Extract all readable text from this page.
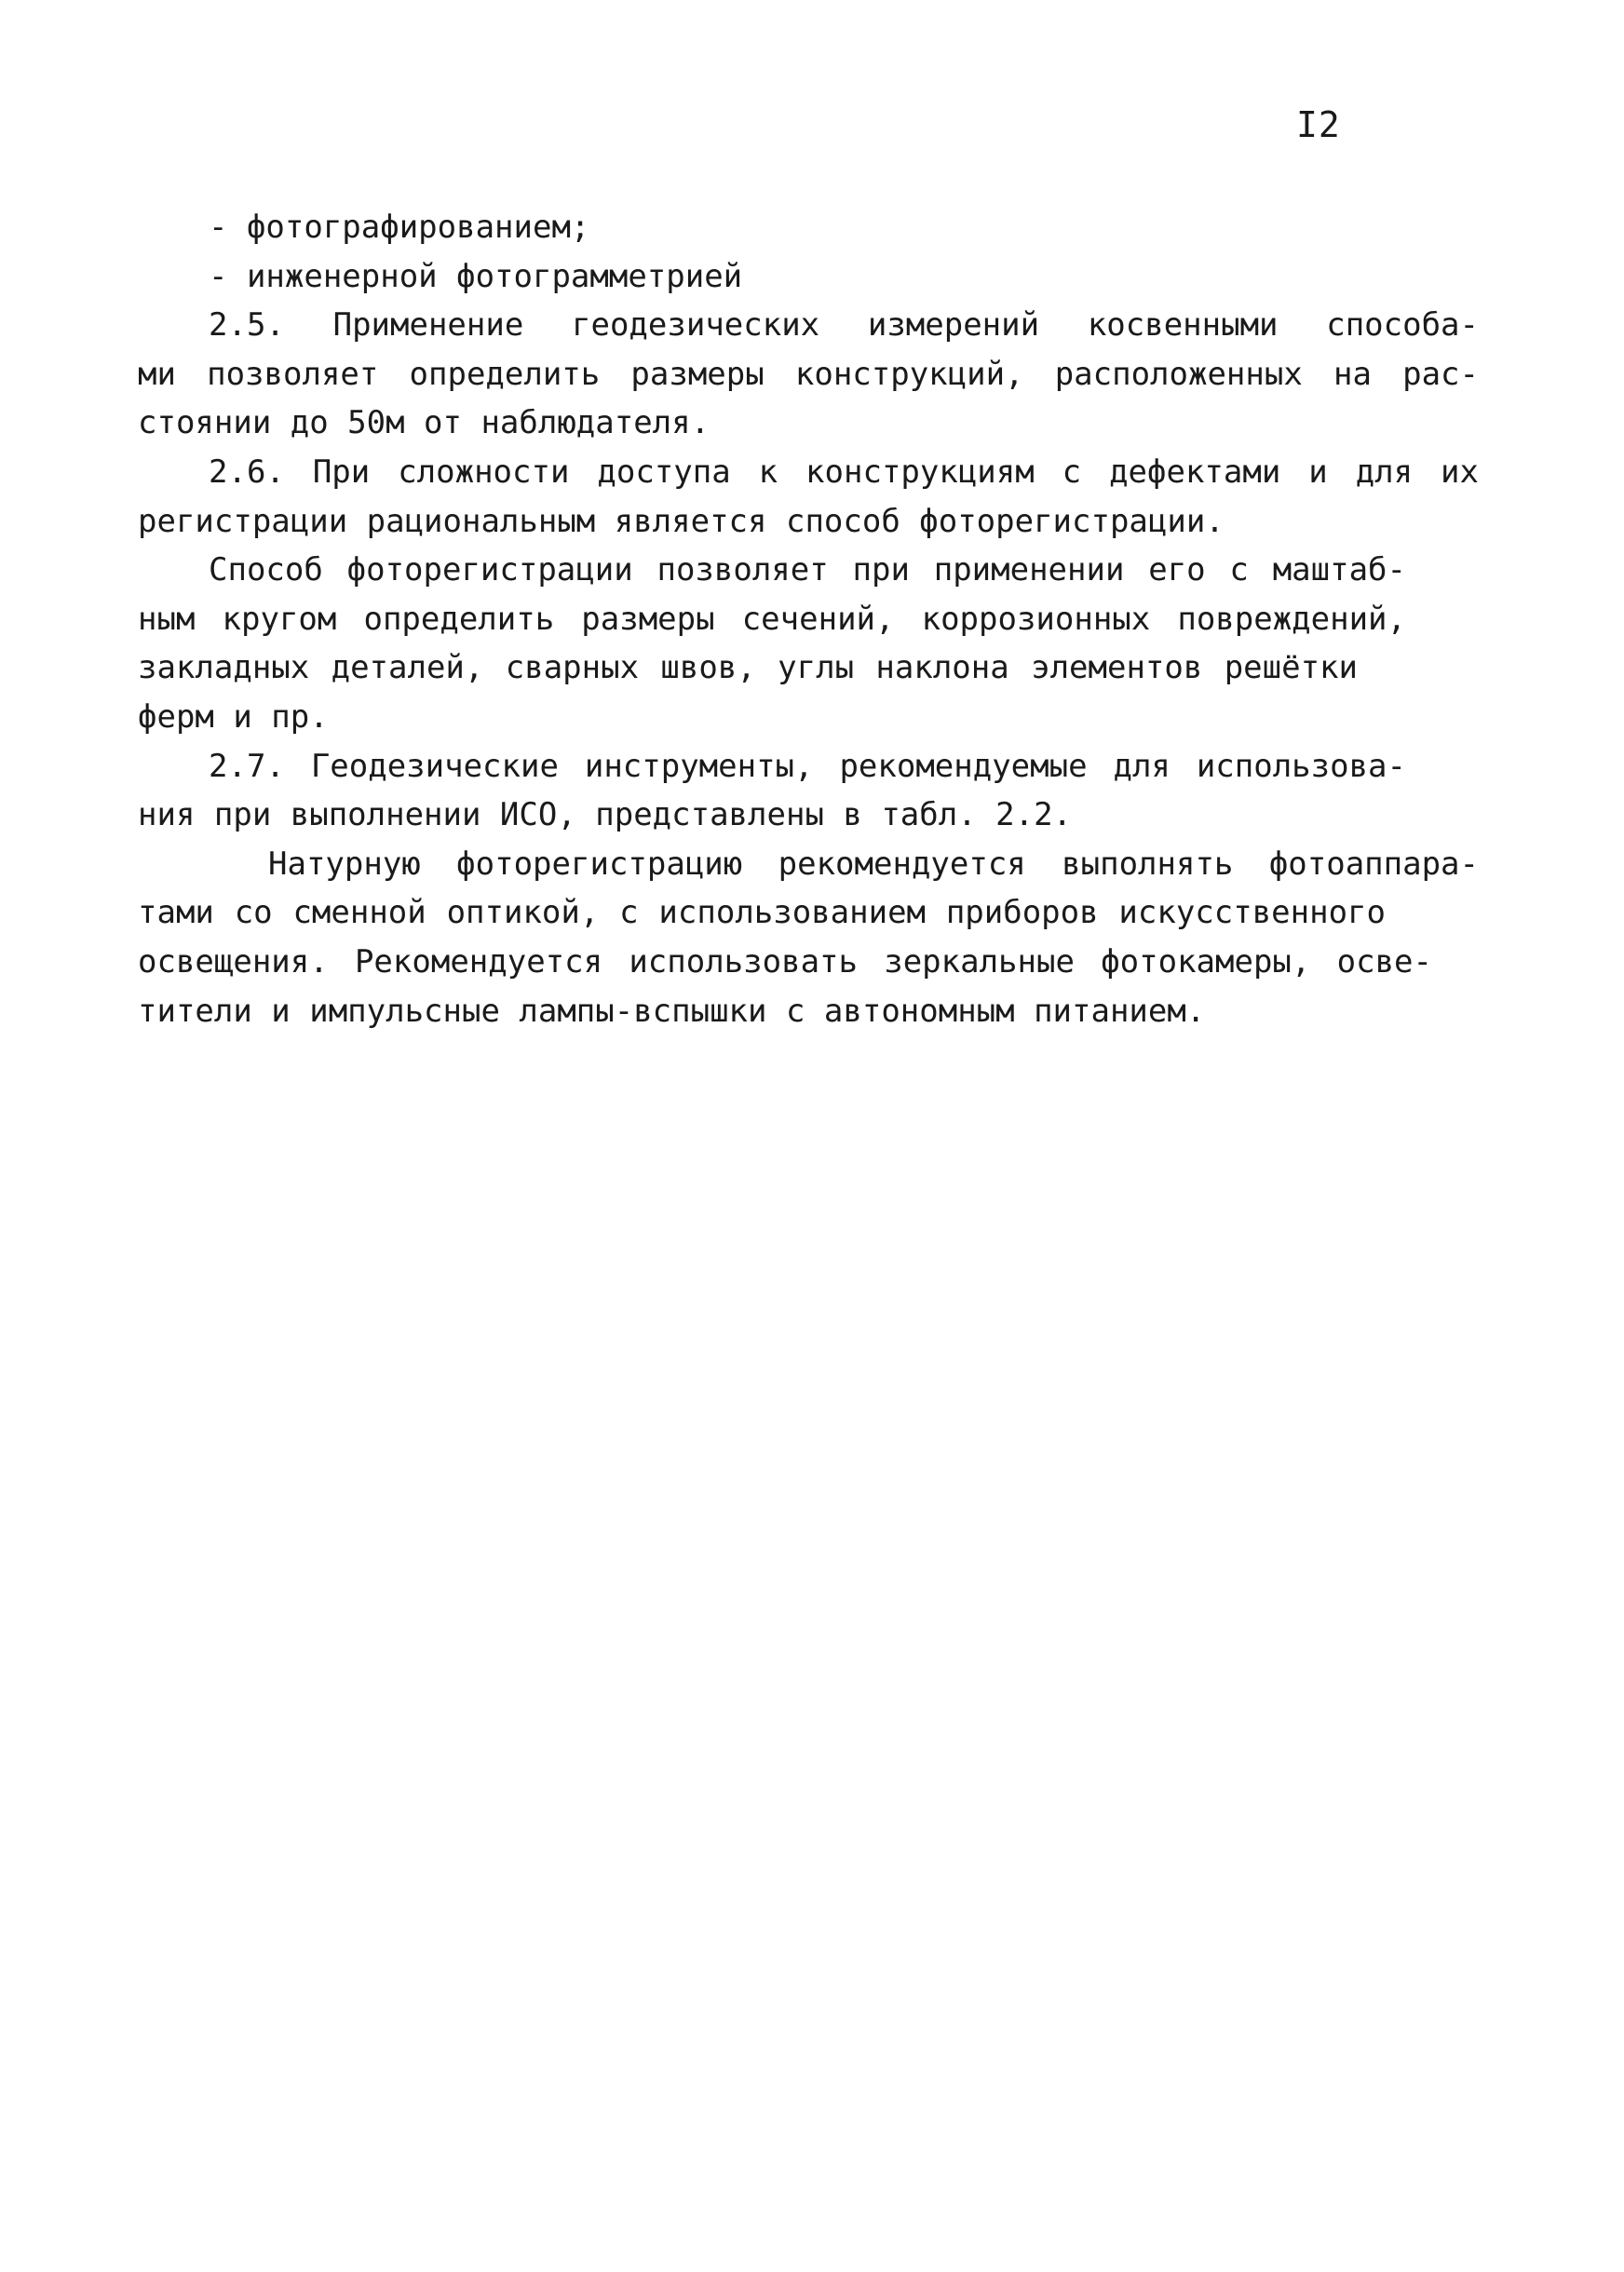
I2
- фотографированием;
- инженерной фотограмметрией
2.5. Применение геодезических измерений косвенными способа-
ми позволяет определить размеры конструкций, расположенных на рас-
стоянии до 50м от наблюдателя.
2.6. При сложности доступа к конструкциям с дефектами и для их
регистрации рациональным является способ фоторегистрации.
Способ фоторегистрации позволяет при применении его с маштаб-
ным кругом определить размеры сечений, коррозионных повреждений,
закладных деталей, сварных швов, углы наклона элементов решётки
ферм и пр.
2.7. Геодезические инструменты, рекомендуемые для использова-
ния при выполнении ИСО, представлены в табл. 2.2.
Натурную фоторегистрацию рекомендуется выполнять фотоаппара-
тами со сменной оптикой, с использованием приборов искусственного
освещения. Рекомендуется использовать зеркальные фотокамеры, осве-
тители и импульсные лампы-вспышки с автономным питанием.
